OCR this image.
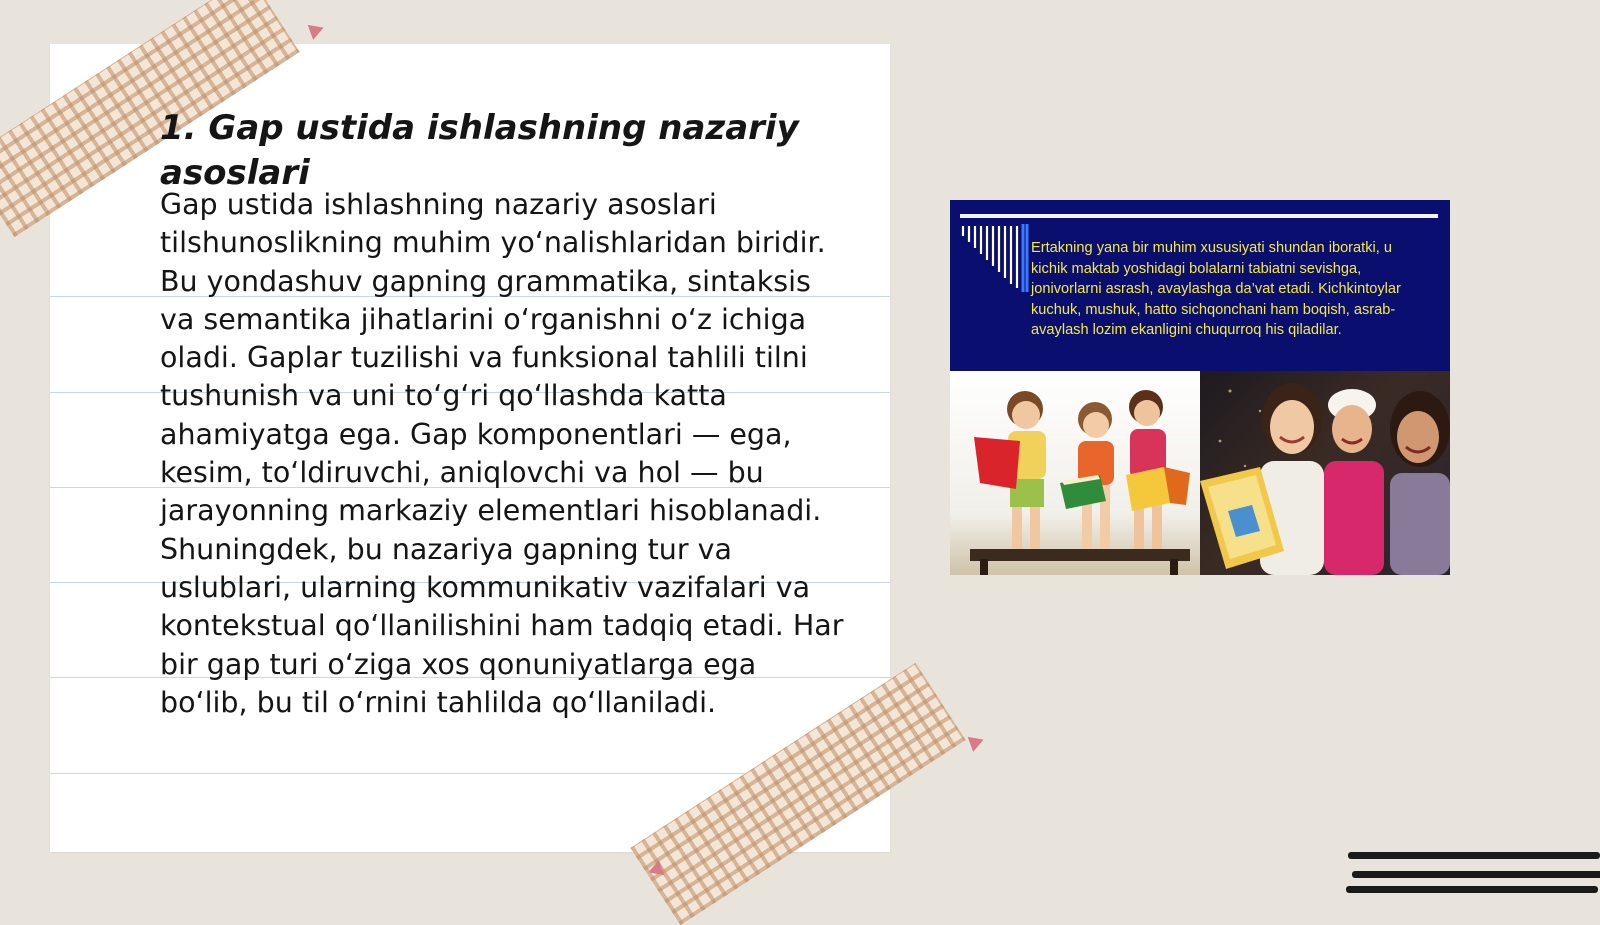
1. Gap ustida ishlashning nazariy asoslari

Gap ustida ishlashning nazariy asoslari tilshunoslikning muhim yo‘nalishlaridan biridir. Bu yondashuv gapning grammatika, sintaksis va semantika jihatlarini o‘rganishni o‘z ichiga oladi. Gaplar tuzilishi va funksional tahlili tilni tushunish va uni to‘g‘ri qo‘llashda katta ahamiyatga ega. Gap komponentlari — ega, kesim, to‘ldiruvchi, aniqlovchi va hol — bu jarayonning markaziy elementlari hisoblanadi. Shuningdek, bu nazariya gapning tur va uslublari, ularning kommunikativ vazifalari va kontekstual qo‘llanilishini ham tadqiq etadi. Har bir gap turi o‘ziga xos qonuniyatlarga ega bo‘lib, bu til o‘rnini tahlilda qo‘llaniladi.

Ertakning yana bir muhim xususiyati shundan iboratki, u kichik maktab yoshidagi bolalarni tabiatni sevishga, jonivorlarni asrash, avaylashga da’vat etadi. Kichkintoylar kuchuk, mushuk, hatto sichqonchani ham boqish, asrab-avaylash lozim ekanligini chuqurroq his qiladilar.
